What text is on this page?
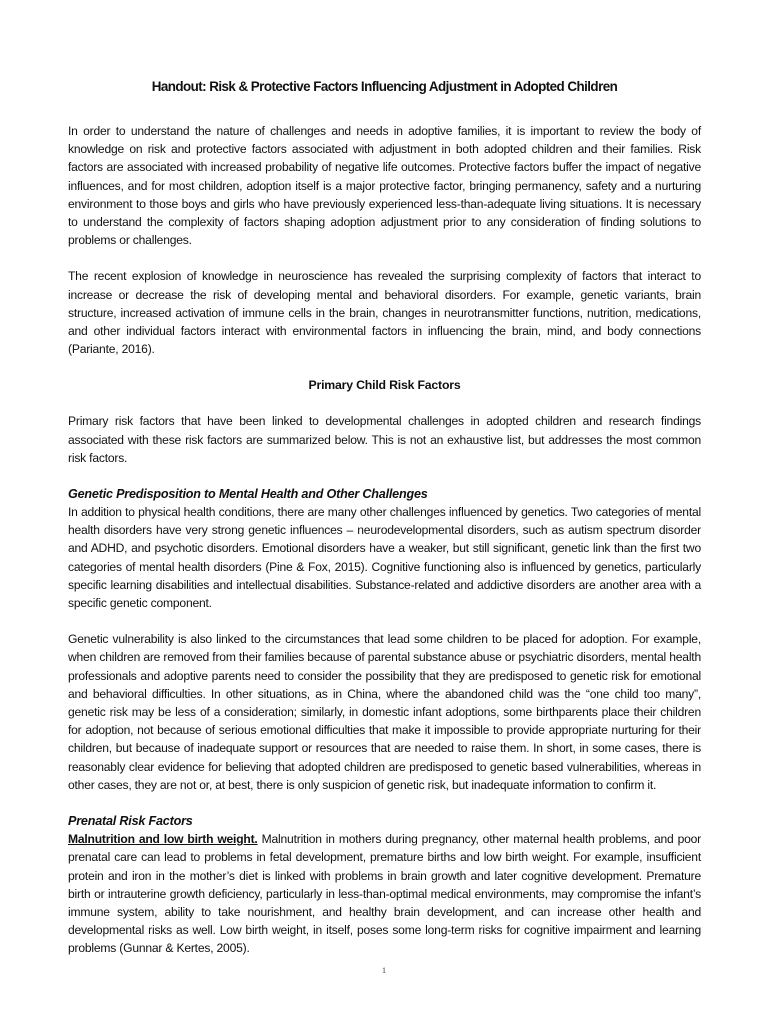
Handout: Risk & Protective Factors Influencing Adjustment in Adopted Children

In order to understand the nature of challenges and needs in adoptive families, it is important to review the body of knowledge on risk and protective factors associated with adjustment in both adopted children and their families. Risk factors are associated with increased probability of negative life outcomes. Protective factors buffer the impact of negative influences, and for most children, adoption itself is a major protective factor, bringing permanency, safety and a nurturing environment to those boys and girls who have previously experienced less-than-adequate living situations. It is necessary to understand the complexity of factors shaping adoption adjustment prior to any consideration of finding solutions to problems or challenges.

The recent explosion of knowledge in neuroscience has revealed the surprising complexity of factors that interact to increase or decrease the risk of developing mental and behavioral disorders. For example, genetic variants, brain structure, increased activation of immune cells in the brain, changes in neurotransmitter functions, nutrition, medications, and other individual factors interact with environmental factors in influencing the brain, mind, and body connections (Pariante, 2016).

Primary Child Risk Factors

Primary risk factors that have been linked to developmental challenges in adopted children and research findings associated with these risk factors are summarized below. This is not an exhaustive list, but addresses the most common risk factors.

Genetic Predisposition to Mental Health and Other Challenges

In addition to physical health conditions, there are many other challenges influenced by genetics. Two categories of mental health disorders have very strong genetic influences – neurodevelopmental disorders, such as autism spectrum disorder and ADHD, and psychotic disorders. Emotional disorders have a weaker, but still significant, genetic link than the first two categories of mental health disorders (Pine & Fox, 2015). Cognitive functioning also is influenced by genetics, particularly specific learning disabilities and intellectual disabilities. Substance-related and addictive disorders are another area with a specific genetic component.

Genetic vulnerability is also linked to the circumstances that lead some children to be placed for adoption. For example, when children are removed from their families because of parental substance abuse or psychiatric disorders, mental health professionals and adoptive parents need to consider the possibility that they are predisposed to genetic risk for emotional and behavioral difficulties. In other situations, as in China, where the abandoned child was the “one child too many”, genetic risk may be less of a consideration; similarly, in domestic infant adoptions, some birthparents place their children for adoption, not because of serious emotional difficulties that make it impossible to provide appropriate nurturing for their children, but because of inadequate support or resources that are needed to raise them. In short, in some cases, there is reasonably clear evidence for believing that adopted children are predisposed to genetic based vulnerabilities, whereas in other cases, they are not or, at best, there is only suspicion of genetic risk, but inadequate information to confirm it.

Prenatal Risk Factors

Malnutrition and low birth weight. Malnutrition in mothers during pregnancy, other maternal health problems, and poor prenatal care can lead to problems in fetal development, premature births and low birth weight. For example, insufficient protein and iron in the mother’s diet is linked with problems in brain growth and later cognitive development. Premature birth or intrauterine growth deficiency, particularly in less-than-optimal medical environments, may compromise the infant’s immune system, ability to take nourishment, and healthy brain development, and can increase other health and developmental risks as well. Low birth weight, in itself, poses some long-term risks for cognitive impairment and learning problems (Gunnar & Kertes, 2005).

1
